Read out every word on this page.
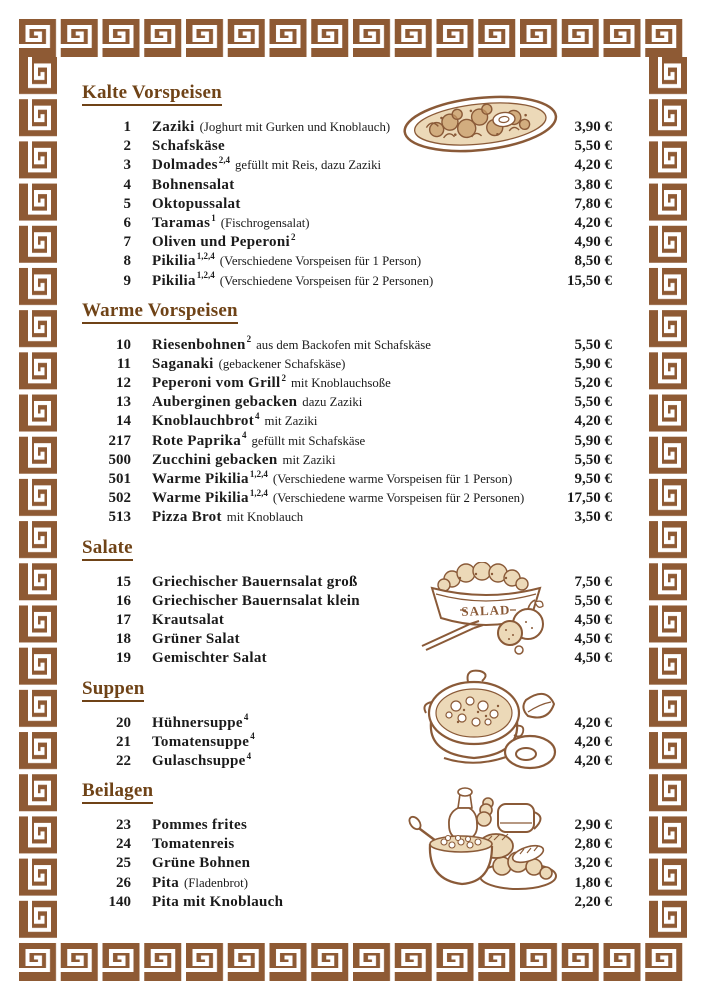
Kalte Vorspeisen
1	Zaziki (Joghurt mit Gurken und Knoblauch)	3,90 €
2	Schafskäse	5,50 €
3	Dolmades$^{2,4}$ gefüllt mit Reis, dazu Zaziki	4,20 €
4	Bohnensalat	3,80 €
5	Oktopussalat	7,80 €
6	Taramas$^1$ (Fischrogensalat)	4,20 €
7	Oliven und Peperoni$^2$	4,90 €
8	Pikilia$^{1,2,4}$ (Verschiedene Vorspeisen für 1 Person)	8,50 €
9	Pikilia$^{1,2,4}$ (Verschiedene Vorspeisen für 2 Personen)	15,50 €
Warme Vorspeisen
10	Riesenbohnen$^2$ aus dem Backofen mit Schafskäse	5,50 €
11	Saganaki (gebackener Schafskäse)	5,90 €
12	Peperoni vom Grill$^2$ mit Knoblauchsoße	5,20 €
13	Auberginen gebacken dazu Zaziki	5,50 €
14	Knoblauchbrot$^4$ mit Zaziki	4,20 €
217	Rote Paprika$^4$ gefüllt mit Schafskäse	5,90 €
500	Zucchini gebacken mit Zaziki	5,50 €
501	Warme Pikilia$^{1,2,4}$ (Verschiedene warme Vorspeisen für 1 Person)	9,50 €
502	Warme Pikilia$^{1,2,4}$ (Verschiedene warme Vorspeisen für 2 Personen)	17,50 €
513	Pizza Brot mit Knoblauch	3,50 €
Salate
15	Griechischer Bauernsalat groß	7,50 €
16	Griechischer Bauernsalat klein	5,50 €
17	Krautsalat	4,50 €
18	Grüner Salat	4,50 €
19	Gemischter Salat	4,50 €
Suppen
20	Hühnersuppe$^4$	4,20 €
21	Tomatensuppe$^4$	4,20 €
22	Gulaschsuppe$^4$	4,20 €
Beilagen
23	Pommes frites	2,90 €
24	Tomatenreis	2,80 €
25	Grüne Bohnen	3,20 €
26	Pita (Fladenbrot)	1,80 €
140	Pita mit Knoblauch	2,20 €
SALAD
